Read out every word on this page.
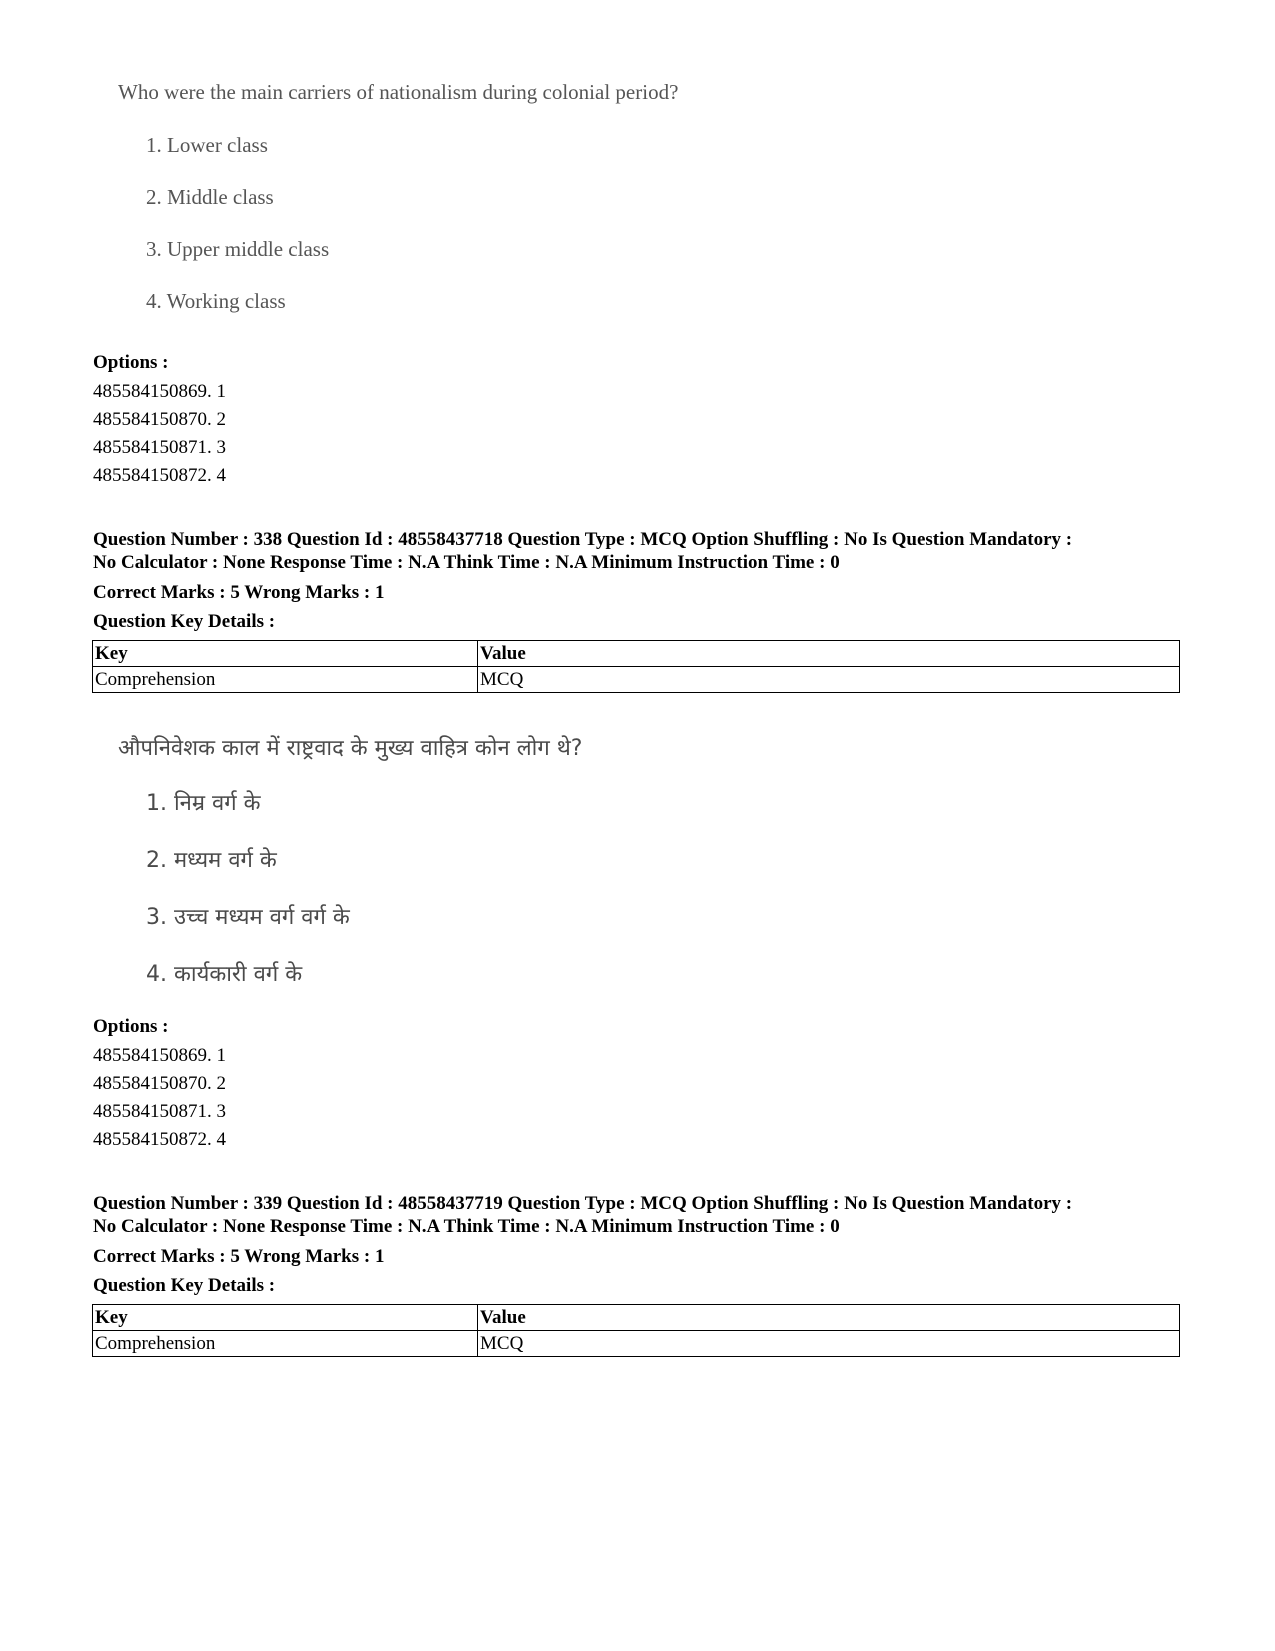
Who were the main carriers of nationalism during colonial period?
1. Lower class
2. Middle class
3. Upper middle class
4. Working class
Options :
485584150869. 1
485584150870. 2
485584150871. 3
485584150872. 4
Question Number : 338 Question Id : 48558437718 Question Type : MCQ Option Shuffling : No Is Question Mandatory :
No Calculator : None Response Time : N.A Think Time : N.A Minimum Instruction Time : 0
Correct Marks : 5 Wrong Marks : 1
Question Key Details :
Key	Value
Comprehension	MCQ
औपनिवेशक काल में राष्ट्रवाद के मुख्य वाहित्र कोन लोग थे?
1. निम्र वर्ग के
2. मध्यम वर्ग के
3. उच्च मध्यम वर्ग वर्ग के
4. कार्यकारी वर्ग के
Options :
485584150869. 1
485584150870. 2
485584150871. 3
485584150872. 4
Question Number : 339 Question Id : 48558437719 Question Type : MCQ Option Shuffling : No Is Question Mandatory :
No Calculator : None Response Time : N.A Think Time : N.A Minimum Instruction Time : 0
Correct Marks : 5 Wrong Marks : 1
Question Key Details :
Key	Value
Comprehension	MCQ
